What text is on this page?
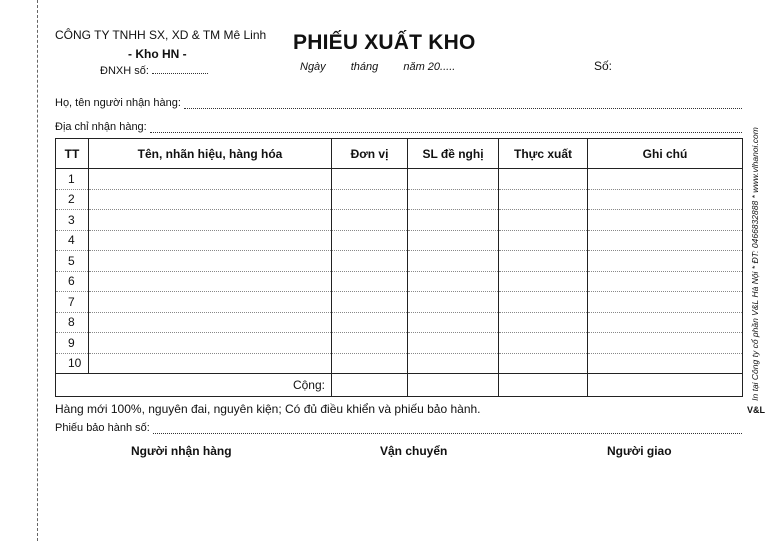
CÔNG TY TNHH SX, XD & TM Mê Linh
- Kho HN -
ĐNXH số:
PHIẾU XUẤT KHO
Ngày tháng năm 20.....	Số:
Họ, tên người nhận hàng:
Địa chỉ nhận hàng:
TT	Tên, nhãn hiệu, hàng hóa	Đơn vị	SL đề nghị	Thực xuất	Ghi chú
1					
2					
3					
4					
5					
6					
7					
8					
9					
10					
Cộng:					
Hàng mới 100%, nguyên đai, nguyên kiện; Có đủ điều khiển và phiếu bảo hành.
Phiếu bảo hành số:
Người nhận hàng	Vận chuyển	Người giao
In tại Công ty cổ phần V&L Hà Nội * ĐT: 0466832888 * www.vlhanoi.com
V&L
